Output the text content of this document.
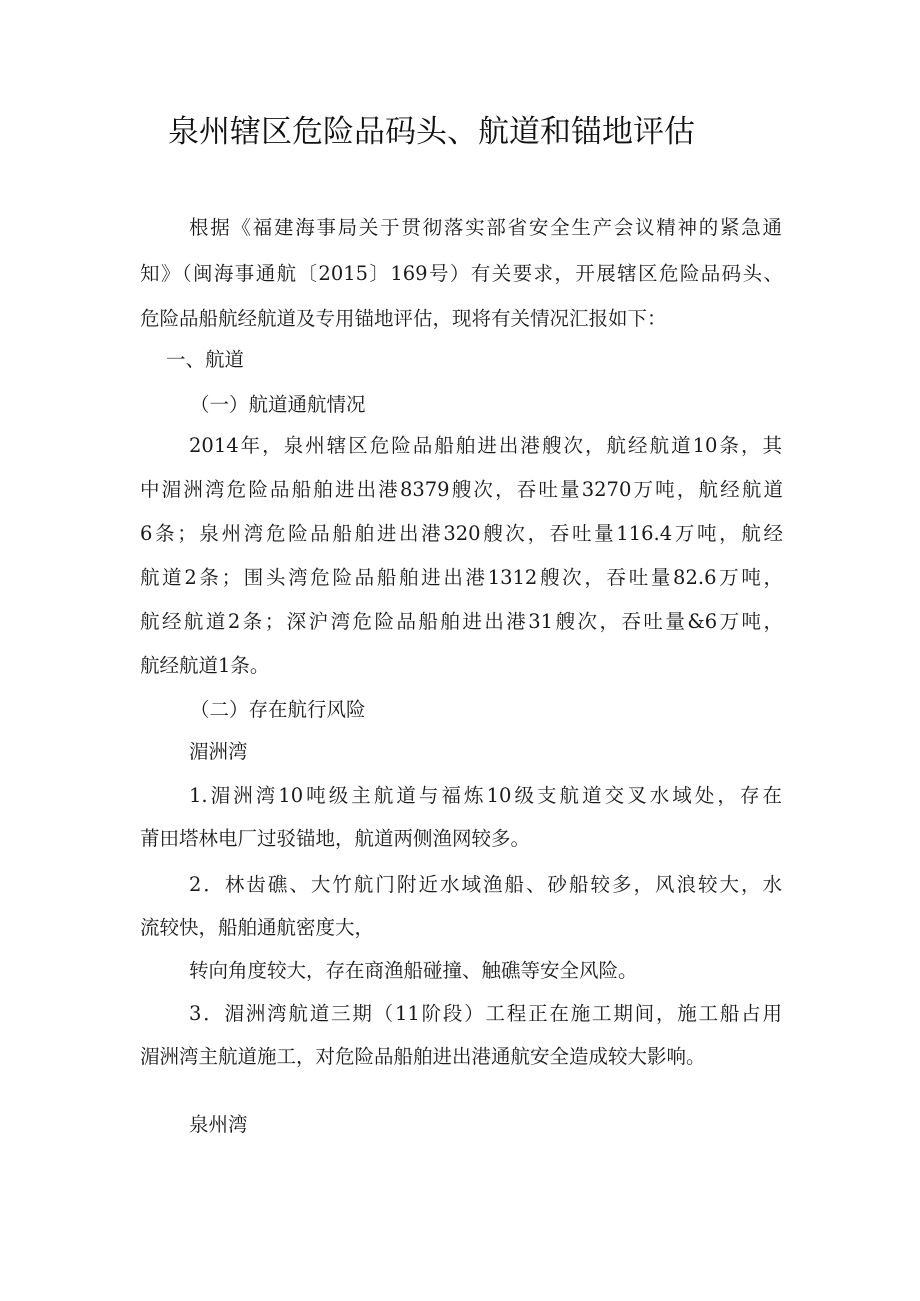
泉州辖区危险品码头、航道和锚地评估
根据《福建海事局关于贯彻落实部省安全生产会议精神的紧急通
知》（闽海事通航〔2015〕169号）有关要求，开展辖区危险品码头、
危险品船航经航道及专用锚地评估，现将有关情况汇报如下：
一、航道
（一）航道通航情况
2014年，泉州辖区危险品船舶进出港艘次，航经航道10条，其
中湄洲湾危险品船舶进出港8379艘次，吞吐量3270万吨，航经航道
6条；泉州湾危险品船舶进出港320艘次，吞吐量116.4万吨，航经
航道2条；围头湾危险品船舶进出港1312艘次，吞吐量82.6万吨，
航经航道2条；深沪湾危险品船舶进出港31艘次，吞吐量&6万吨，
航经航道1条。
（二）存在航行风险
湄洲湾
1.湄洲湾10吨级主航道与福炼10级支航道交叉水域处，存在
莆田塔林电厂过驳锚地，航道两侧渔网较多。
2．林齿礁、大竹航门附近水域渔船、砂船较多，风浪较大，水
流较快，船舶通航密度大，
转向角度较大，存在商渔船碰撞、触礁等安全风险。
3．湄洲湾航道三期（11阶段）工程正在施工期间，施工船占用
湄洲湾主航道施工，对危险品船舶进出港通航安全造成较大影响。
泉州湾
